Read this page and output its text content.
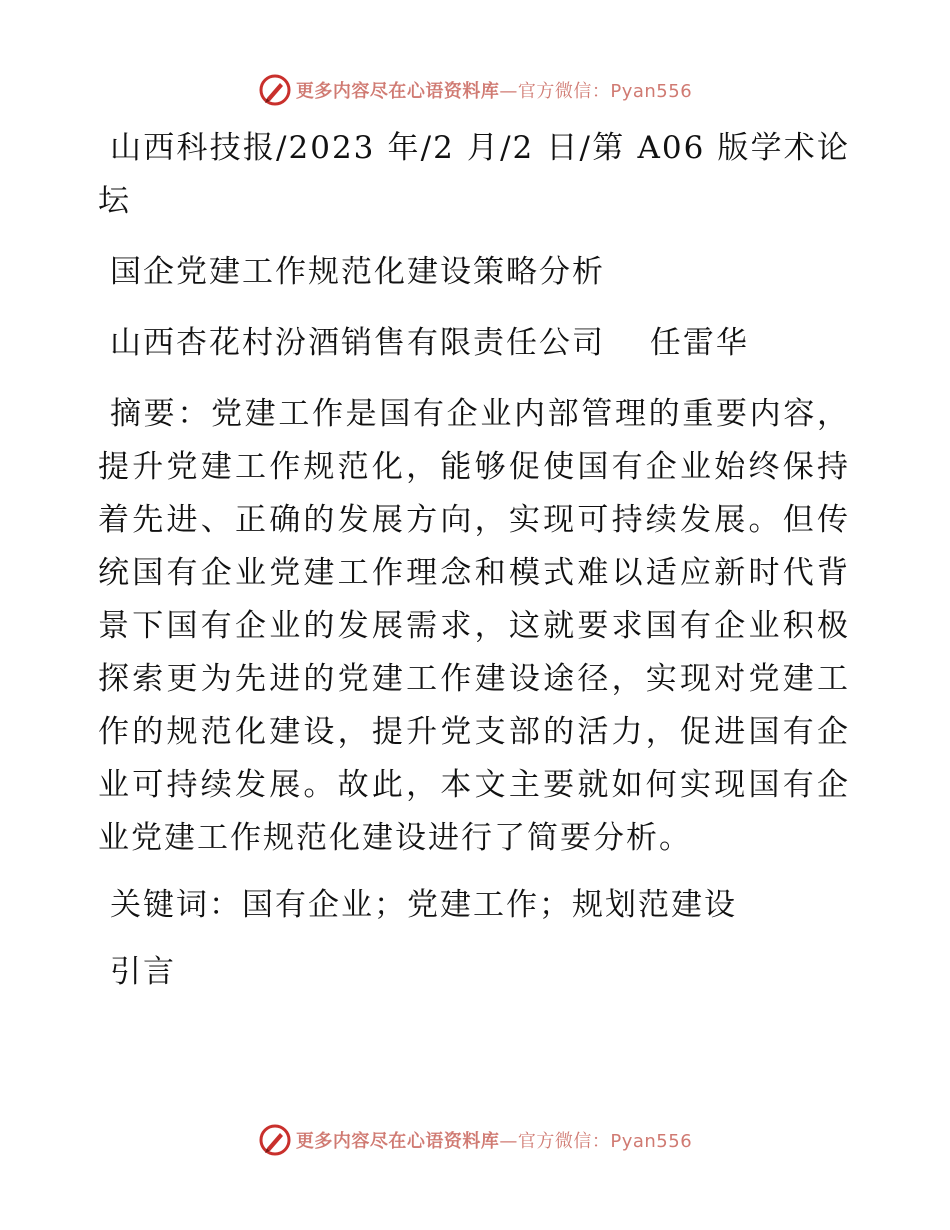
更多内容尽在心语资料库—官方微信：Pyan556

山西科技报/2023 年/2 月/2 日/第 A06 版学术论坛

国企党建工作规范化建设策略分析

山西杏花村汾酒销售有限责任公司　 任雷华

摘要：党建工作是国有企业内部管理的重要内容，提升党建工作规范化，能够促使国有企业始终保持着先进、正确的发展方向，实现可持续发展。但传统国有企业党建工作理念和模式难以适应新时代背景下国有企业的发展需求，这就要求国有企业积极探索更为先进的党建工作建设途径，实现对党建工作的规范化建设，提升党支部的活力，促进国有企业可持续发展。故此，本文主要就如何实现国有企业党建工作规范化建设进行了简要分析。

关键词：国有企业；党建工作；规划范建设

引言

更多内容尽在心语资料库—官方微信：Pyan556
